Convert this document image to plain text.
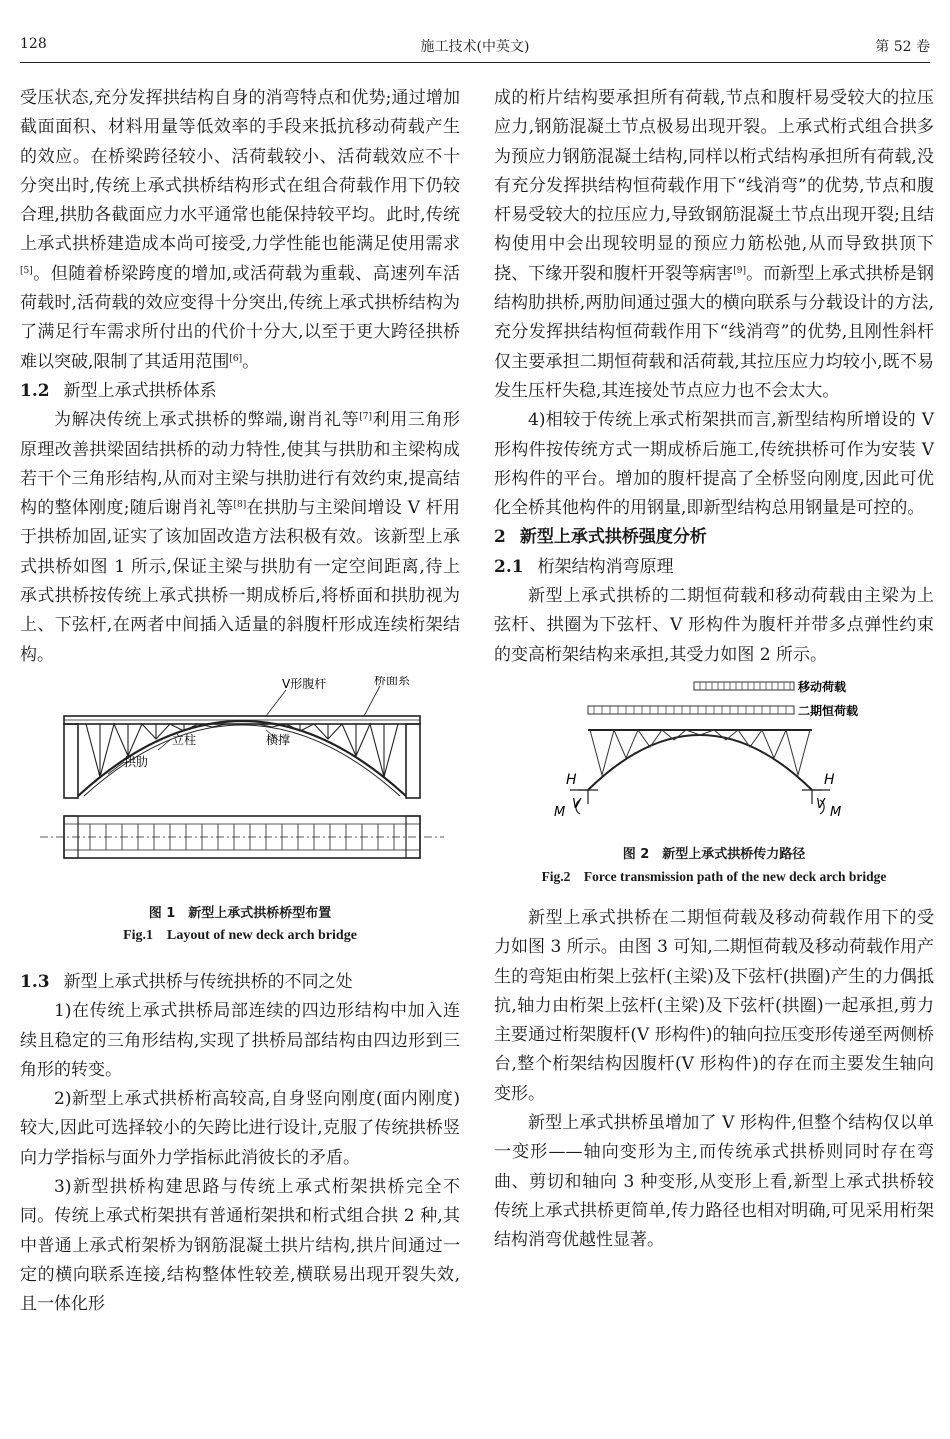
128	施工技术(中英文)	第 52 卷

受压状态,充分发挥拱结构自身的消弯特点和优势;通过增加截面面积、材料用量等低效率的手段来抵抗移动荷载产生的效应。在桥梁跨径较小、活荷载较小、活荷载效应不十分突出时,传统上承式拱桥结构形式在组合荷载作用下仍较合理,拱肋各截面应力水平通常也能保持较平均。此时,传统上承式拱桥建造成本尚可接受,力学性能也能满足使用需求[5]。但随着桥梁跨度的增加,或活荷载为重载、高速列车活荷载时,活荷载的效应变得十分突出,传统上承式拱桥结构为了满足行车需求所付出的代价十分大,以至于更大跨径拱桥难以突破,限制了其适用范围[6]。

1.2 新型上承式拱桥体系

为解决传统上承式拱桥的弊端,谢肖礼等[7]利用三角形原理改善拱梁固结拱桥的动力特性,使其与拱肋和主梁构成若干个三角形结构,从而对主梁与拱肋进行有效约束,提高结构的整体刚度;随后谢肖礼等[8]在拱肋与主梁间增设 V 杆用于拱桥加固,证实了该加固改造方法积极有效。该新型上承式拱桥如图 1 所示,保证主梁与拱肋有一定空间距离,待上承式拱桥按传统上承式拱桥一期成桥后,将桥面和拱肋视为上、下弦杆,在两者中间插入适量的斜腹杆形成连续桁架结构。

V形腹杆	桥面系
立柱	横撑
拱肋
图 1　新型上承式拱桥桥型布置
Fig.1　Layout of new deck arch bridge
1.3 新型上承式拱桥与传统拱桥的不同之处

1)在传统上承式拱桥局部连续的四边形结构中加入连续且稳定的三角形结构,实现了拱桥局部结构由四边形到三角形的转变。

2)新型上承式拱桥桁高较高,自身竖向刚度(面内刚度)较大,因此可选择较小的矢跨比进行设计,克服了传统拱桥竖向力学指标与面外力学指标此消彼长的矛盾。

3)新型拱桥构建思路与传统上承式桁架拱桥完全不同。传统上承式桁架拱有普通桁架拱和桁式组合拱 2 种,其中普通上承式桁架桥为钢筋混凝土拱片结构,拱片间通过一定的横向联系连接,结构整体性较差,横联易出现开裂失效,且一体化形

成的桁片结构要承担所有荷载,节点和腹杆易受较大的拉压应力,钢筋混凝土节点极易出现开裂。上承式桁式组合拱多为预应力钢筋混凝土结构,同样以桁式结构承担所有荷载,没有充分发挥拱结构恒荷载作用下“线消弯”的优势,节点和腹杆易受较大的拉压应力,导致钢筋混凝土节点出现开裂;且结构使用中会出现较明显的预应力筋松弛,从而导致拱顶下挠、下缘开裂和腹杆开裂等病害[9]。而新型上承式拱桥是钢结构肋拱桥,两肋间通过强大的横向联系与分载设计的方法,充分发挥拱结构恒荷载作用下“线消弯”的优势,且刚性斜杆仅主要承担二期恒荷载和活荷载,其拉压应力均较小,既不易发生压杆失稳,其连接处节点应力也不会太大。

4)相较于传统上承式桁架拱而言,新型结构所增设的 V 形构件按传统方式一期成桥后施工,传统拱桥可作为安装 V 形构件的平台。增加的腹杆提高了全桥竖向刚度,因此可优化全桥其他构件的用钢量,即新型结构总用钢量是可控的。

2 新型上承式拱桥强度分析
2.1 桁架结构消弯原理

新型上承式拱桥的二期恒荷载和移动荷载由主梁为上弦杆、拱圈为下弦杆、V 形构件为腹杆并带多点弹性约束的变高桁架结构来承担,其受力如图 2 所示。

移动荷载
二期恒荷载
H	H
V	V
M	M
图 2　新型上承式拱桥传力路径
Fig.2　Force transmission path of the new deck arch bridge

新型上承式拱桥在二期恒荷载及移动荷载作用下的受力如图 3 所示。由图 3 可知,二期恒荷载及移动荷载作用产生的弯矩由桁架上弦杆(主梁)及下弦杆(拱圈)产生的力偶抵抗,轴力由桁架上弦杆(主梁)及下弦杆(拱圈)一起承担,剪力主要通过桁架腹杆(V 形构件)的轴向拉压变形传递至两侧桥台,整个桁架结构因腹杆(V 形构件)的存在而主要发生轴向变形。

新型上承式拱桥虽增加了 V 形构件,但整个结构仅以单一变形——轴向变形为主,而传统承式拱桥则同时存在弯曲、剪切和轴向 3 种变形,从变形上看,新型上承式拱桥较传统上承式拱桥更简单,传力路径也相对明确,可见采用桁架结构消弯优越性显著。
